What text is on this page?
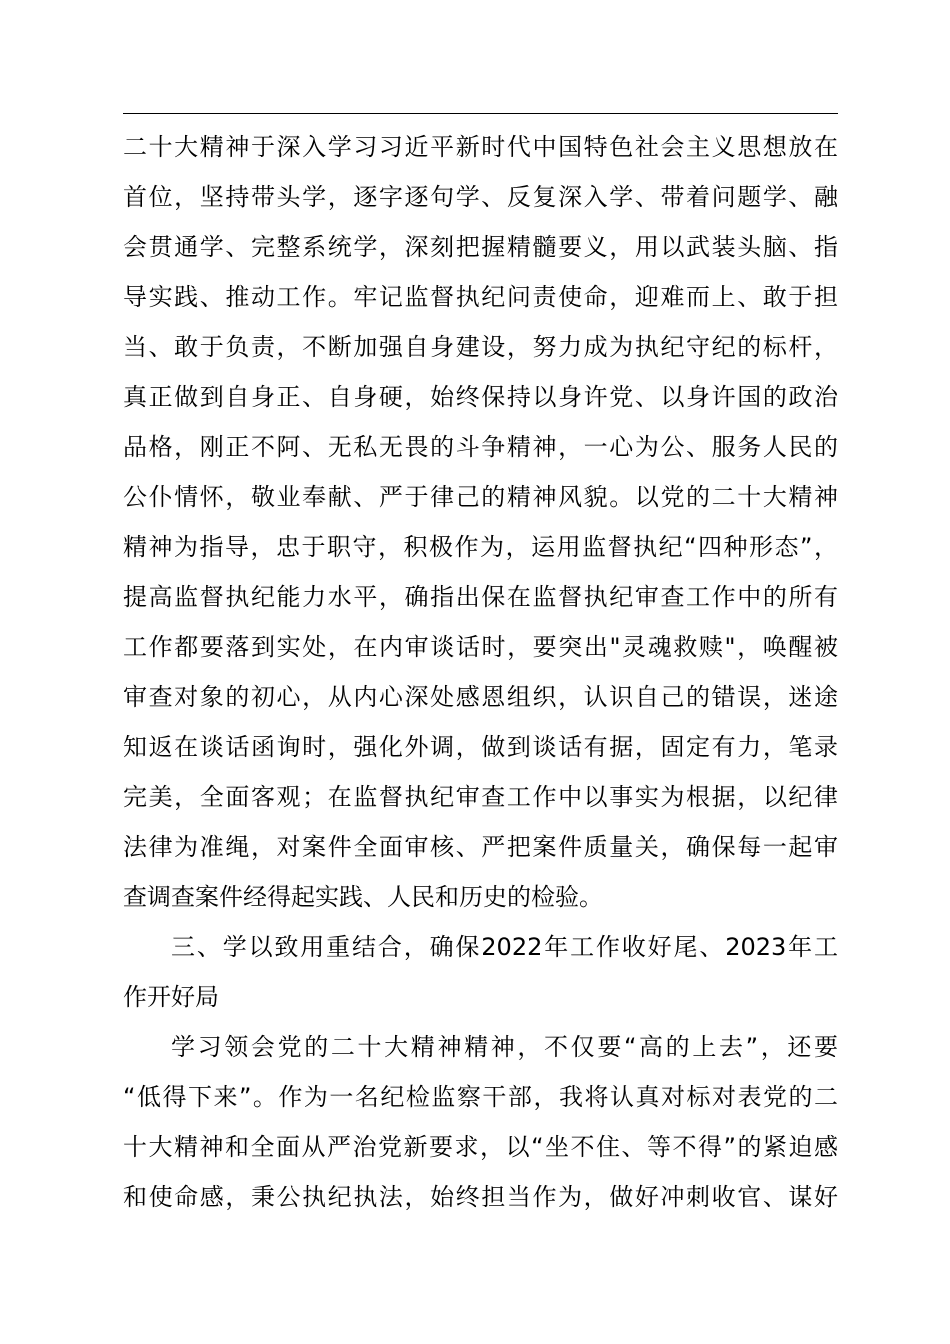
二十大精神于深入学习习近平新时代中国特色社会主义思想放在
首位，坚持带头学，逐字逐句学、反复深入学、带着问题学、融
会贯通学、完整系统学，深刻把握精髓要义，用以武装头脑、指
导实践、推动工作。牢记监督执纪问责使命，迎难而上、敢于担
当、敢于负责，不断加强自身建设，努力成为执纪守纪的标杆，
真正做到自身正、自身硬，始终保持以身许党、以身许国的政治
品格，刚正不阿、无私无畏的斗争精神，一心为公、服务人民的
公仆情怀，敬业奉献、严于律己的精神风貌。以党的二十大精神
精神为指导，忠于职守，积极作为，运用监督执纪“四种形态”，
提高监督执纪能力水平，确指出保在监督执纪审查工作中的所有
工作都要落到实处，在内审谈话时，要突出"灵魂救赎"，唤醒被
审查对象的初心，从内心深处感恩组织，认识自己的错误，迷途
知返在谈话函询时，强化外调，做到谈话有据，固定有力，笔录
完美，全面客观；在监督执纪审查工作中以事实为根据，以纪律
法律为准绳，对案件全面审核、严把案件质量关，确保每一起审
查调查案件经得起实践、人民和历史的检验。
三、学以致用重结合，确保2022年工作收好尾、2023年工
作开好局
学习领会党的二十大精神精神，不仅要“高的上去”，还要
“低得下来”。作为一名纪检监察干部，我将认真对标对表党的二
十大精神和全面从严治党新要求，以“坐不住、等不得”的紧迫感
和使命感，秉公执纪执法，始终担当作为，做好冲刺收官、谋好
